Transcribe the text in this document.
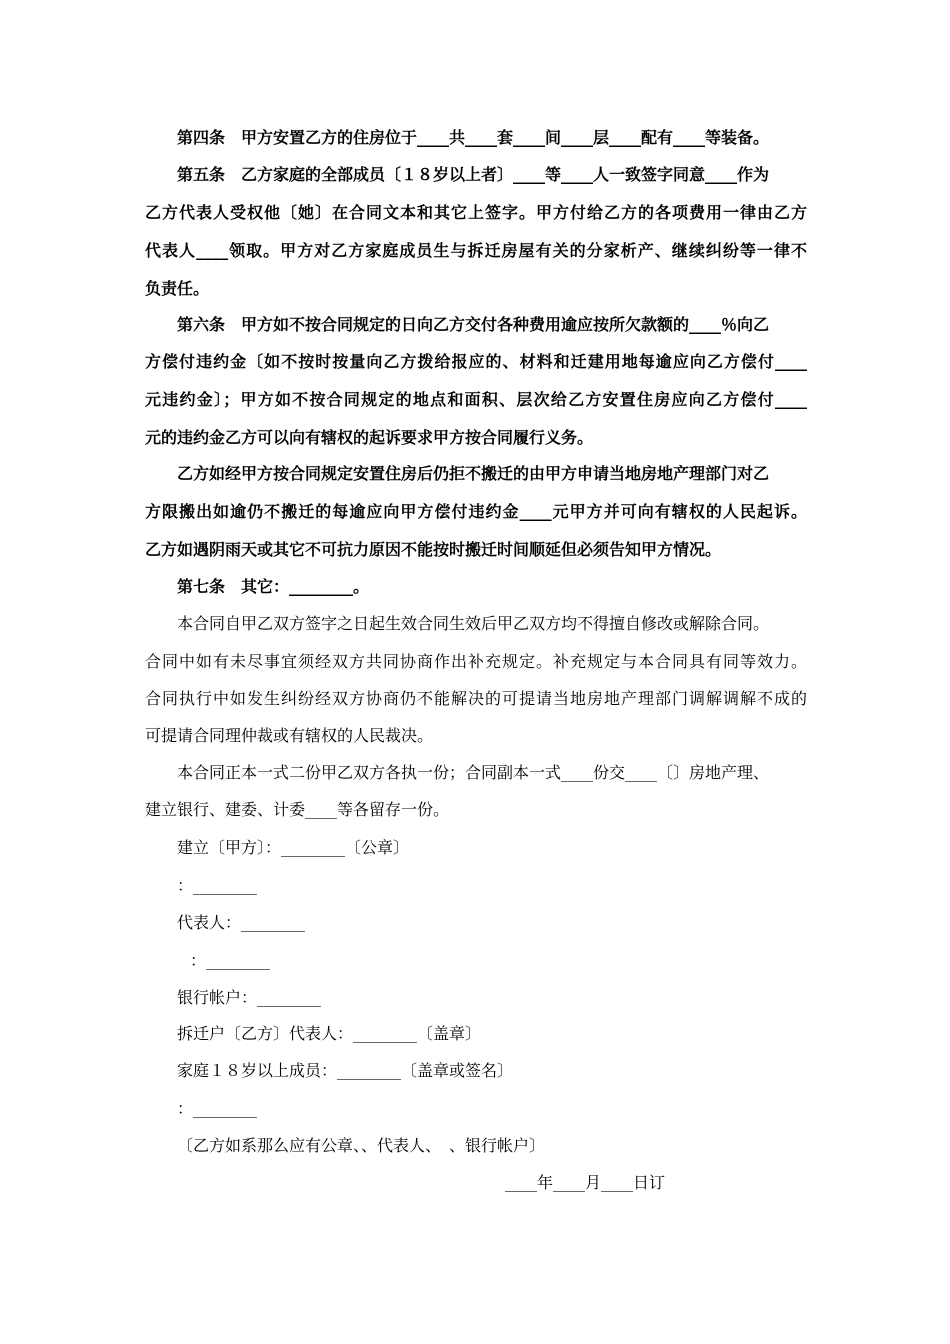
第四条　甲方安置乙方的住房位于____共____套____间____层____配有____等装备。
第五条　乙方家庭的全部成员〔１８岁以上者〕____等____人一致签字同意____作为
乙方代表人受权他〔她〕在合同文本和其它上签字。甲方付给乙方的各项费用一律由乙方
代表人____领取。甲方对乙方家庭成员生与拆迁房屋有关的分家析产、继续纠纷等一律不
负责任。
第六条　甲方如不按合同规定的日向乙方交付各种费用逾应按所欠款额的____％向乙
方偿付违约金〔如不按时按量向乙方拨给报应的、材料和迁建用地每逾应向乙方偿付____
元违约金〕；甲方如不按合同规定的地点和面积、层次给乙方安置住房应向乙方偿付____
元的违约金乙方可以向有辖权的起诉要求甲方按合同履行义务。
乙方如经甲方按合同规定安置住房后仍拒不搬迁的由甲方申请当地房地产理部门对乙
方限搬出如逾仍不搬迁的每逾应向甲方偿付违约金____元甲方并可向有辖权的人民起诉。
乙方如遇阴雨天或其它不可抗力原因不能按时搬迁时间顺延但必须告知甲方情况。
第七条　其它：________。
本合同自甲乙双方签字之日起生效合同生效后甲乙双方均不得擅自修改或解除合同。
合同中如有未尽事宜须经双方共同协商作出补充规定。补充规定与本合同具有同等效力。
合同执行中如发生纠纷经双方协商仍不能解决的可提请当地房地产理部门调解调解不成的
可提请合同理仲裁或有辖权的人民裁决。
本合同正本一式二份甲乙双方各执一份；合同副本一式____份交____〔〕房地产理、
建立银行、建委、计委____等各留存一份。
建立〔甲方〕：________〔公章〕
：________
代表人：________
：________
银行帐户：________
拆迁户〔乙方〕代表人：________〔盖章〕
家庭１８岁以上成员：________〔盖章或签名〕
：________
〔乙方如系那么应有公章、、代表人、　、银行帐户〕
____年____月____日订
